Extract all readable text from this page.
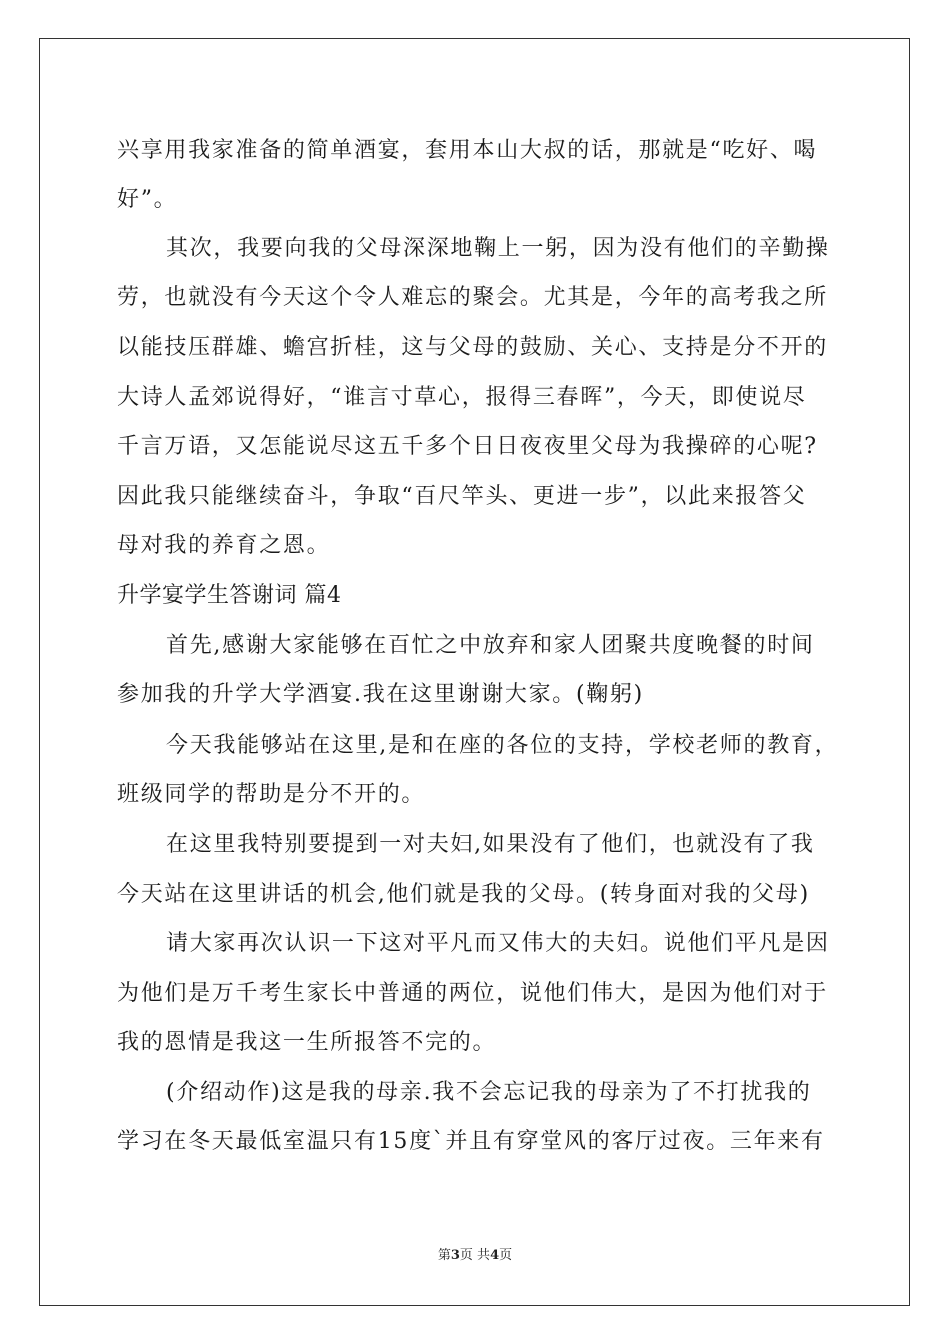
兴享用我家准备的简单酒宴，套用本山大叔的话，那就是“吃好、喝
好”。
其次，我要向我的父母深深地鞠上一躬，因为没有他们的辛勤操
劳，也就没有今天这个令人难忘的聚会。尤其是，今年的高考我之所
以能技压群雄、蟾宫折桂，这与父母的鼓励、关心、支持是分不开的
大诗人孟郊说得好，“谁言寸草心，报得三春晖”，今天，即使说尽
千言万语，又怎能说尽这五千多个日日夜夜里父母为我操碎的心呢?
因此我只能继续奋斗，争取“百尺竿头、更进一步”，以此来报答父
母对我的养育之恩。
升学宴学生答谢词 篇4
首先,感谢大家能够在百忙之中放弃和家人团聚共度晚餐的时间
参加我的升学大学酒宴.我在这里谢谢大家。(鞠躬)
今天我能够站在这里,是和在座的各位的支持，学校老师的教育，
班级同学的帮助是分不开的。
在这里我特别要提到一对夫妇,如果没有了他们，也就没有了我
今天站在这里讲话的机会,他们就是我的父母。(转身面对我的父母)
请大家再次认识一下这对平凡而又伟大的夫妇。说他们平凡是因
为他们是万千考生家长中普通的两位，说他们伟大，是因为他们对于
我的恩情是我这一生所报答不完的。
(介绍动作)这是我的母亲.我不会忘记我的母亲为了不打扰我的
学习在冬天最低室温只有15度`并且有穿堂风的客厅过夜。三年来有
第3页 共4页
